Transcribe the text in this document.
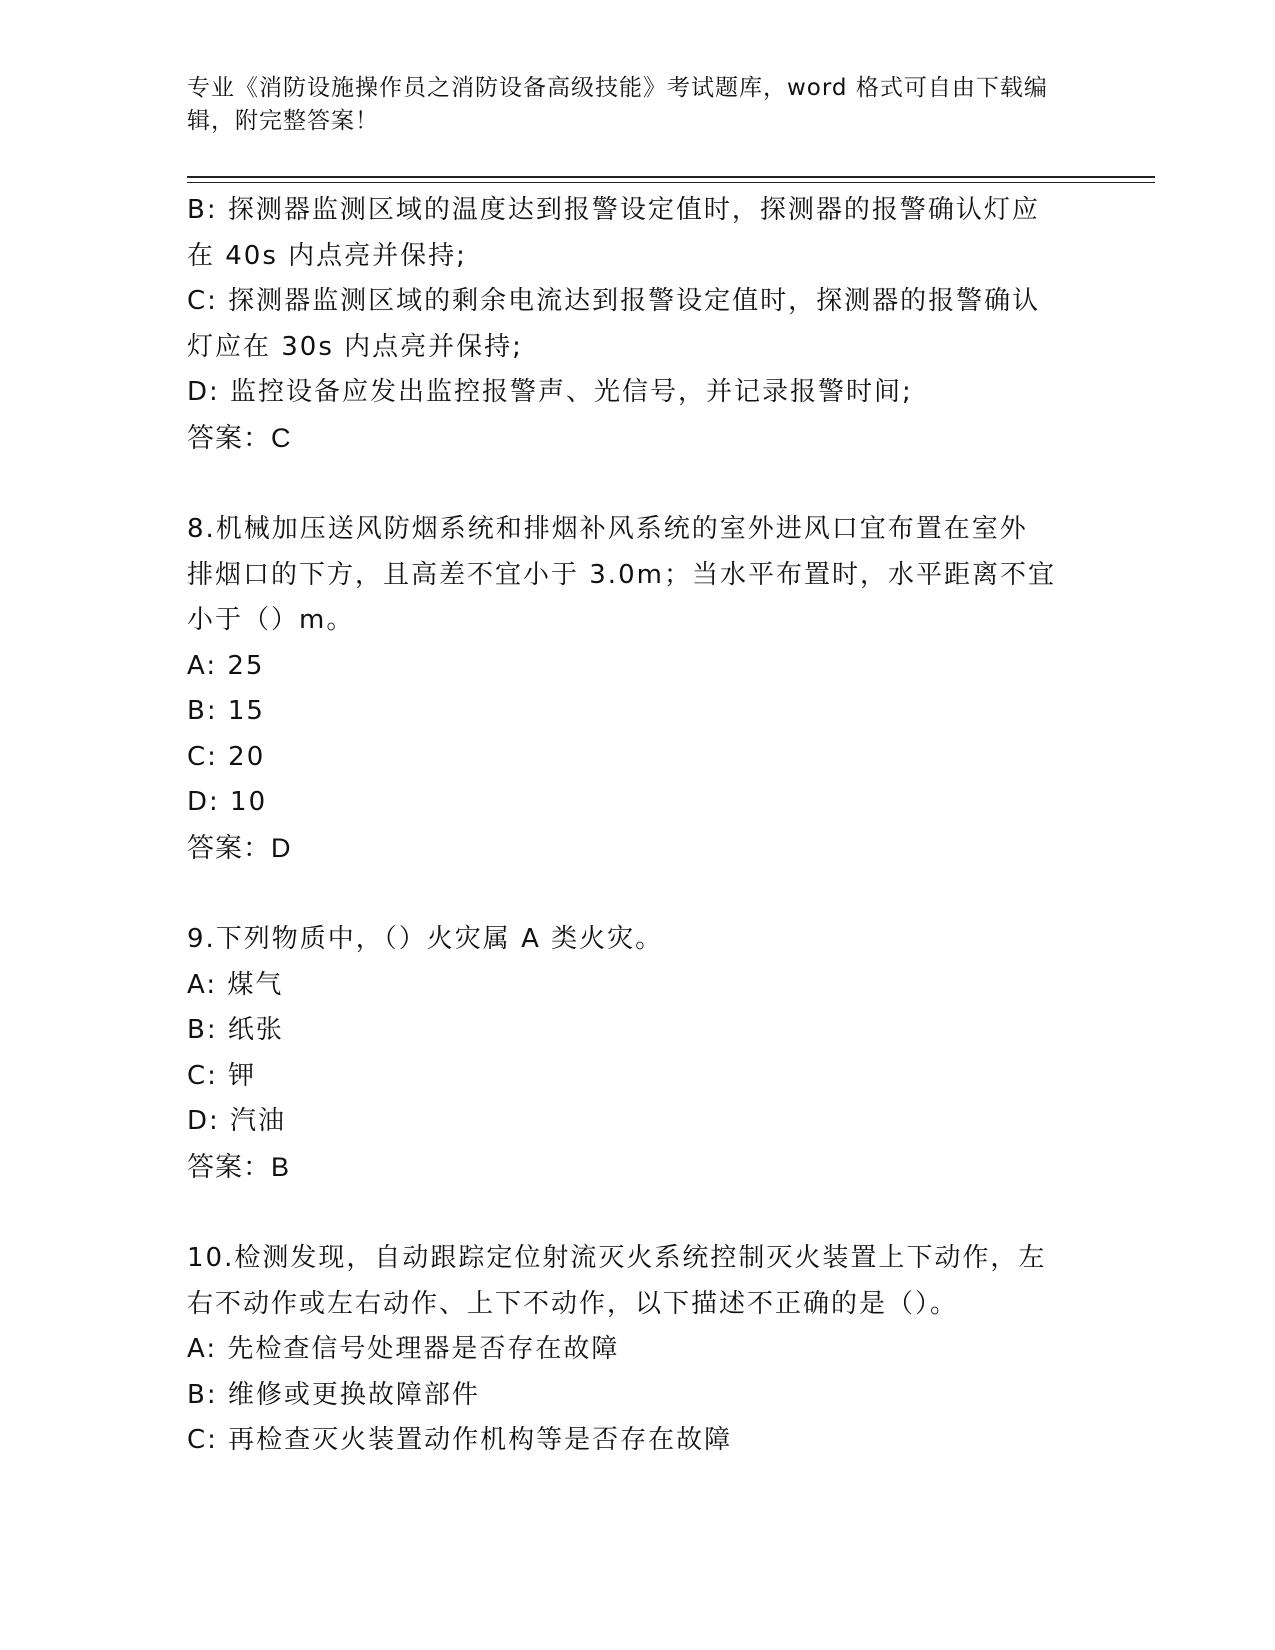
专业《消防设施操作员之消防设备高级技能》考试题库，word 格式可自由下载编
辑，附完整答案！
B: 探测器监测区域的温度达到报警设定值时，探测器的报警确认灯应
在 40s 内点亮并保持;
C: 探测器监测区域的剩余电流达到报警设定值时，探测器的报警确认
灯应在 30s 内点亮并保持;
D: 监控设备应发出监控报警声、光信号，并记录报警时间;
答案：C
8.机械加压送风防烟系统和排烟补风系统的室外进风口宜布置在室外
排烟口的下方，且高差不宜小于 3.0m；当水平布置时，水平距离不宜
小于（）m。
A: 25
B: 15
C: 20
D: 10
答案：D
9.下列物质中，（）火灾属 A 类火灾。
A: 煤气
B: 纸张
C: 钾
D: 汽油
答案：B
10.检测发现，自动跟踪定位射流灭火系统控制灭火装置上下动作，左
右不动作或左右动作、上下不动作，以下描述不正确的是（）。
A: 先检查信号处理器是否存在故障
B: 维修或更换故障部件
C: 再检查灭火装置动作机构等是否存在故障
